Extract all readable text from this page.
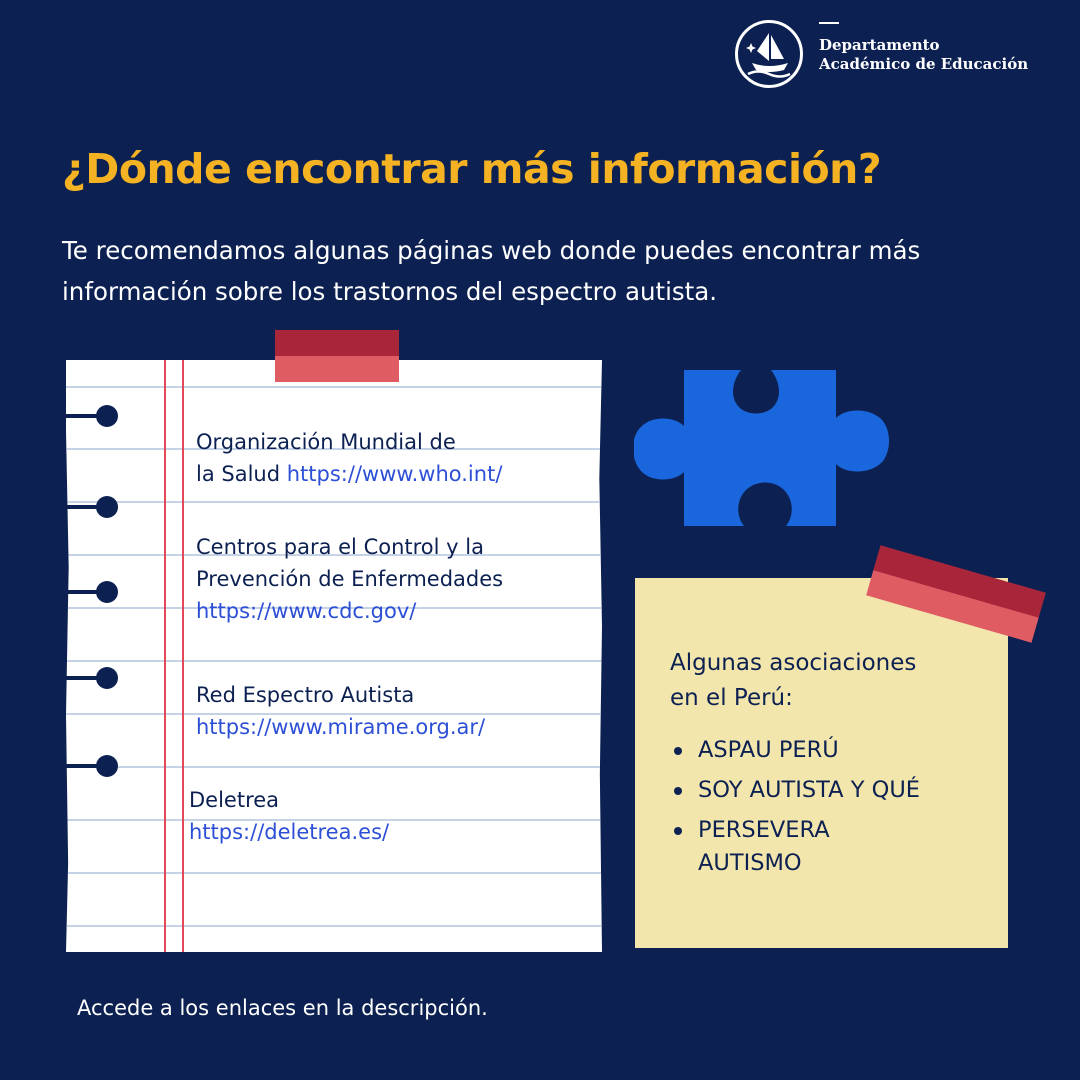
Departamento
Académico de Educación
¿Dónde encontrar más información?
Te recomendamos algunas páginas web donde puedes encontrar más información sobre los trastornos del espectro autista.
Organización Mundial de
la Salud https://www.who.int/
Centros para el Control y la
Prevención de Enfermedades
https://www.cdc.gov/
Red Espectro Autista
https://www.mirame.org.ar/
Deletrea
https://deletrea.es/
Algunas asociaciones
en el Perú:
ASPAU PERÚ
SOY AUTISTA Y QUÉ
PERSEVERA
AUTISMO
Accede a los enlaces en la descripción.
